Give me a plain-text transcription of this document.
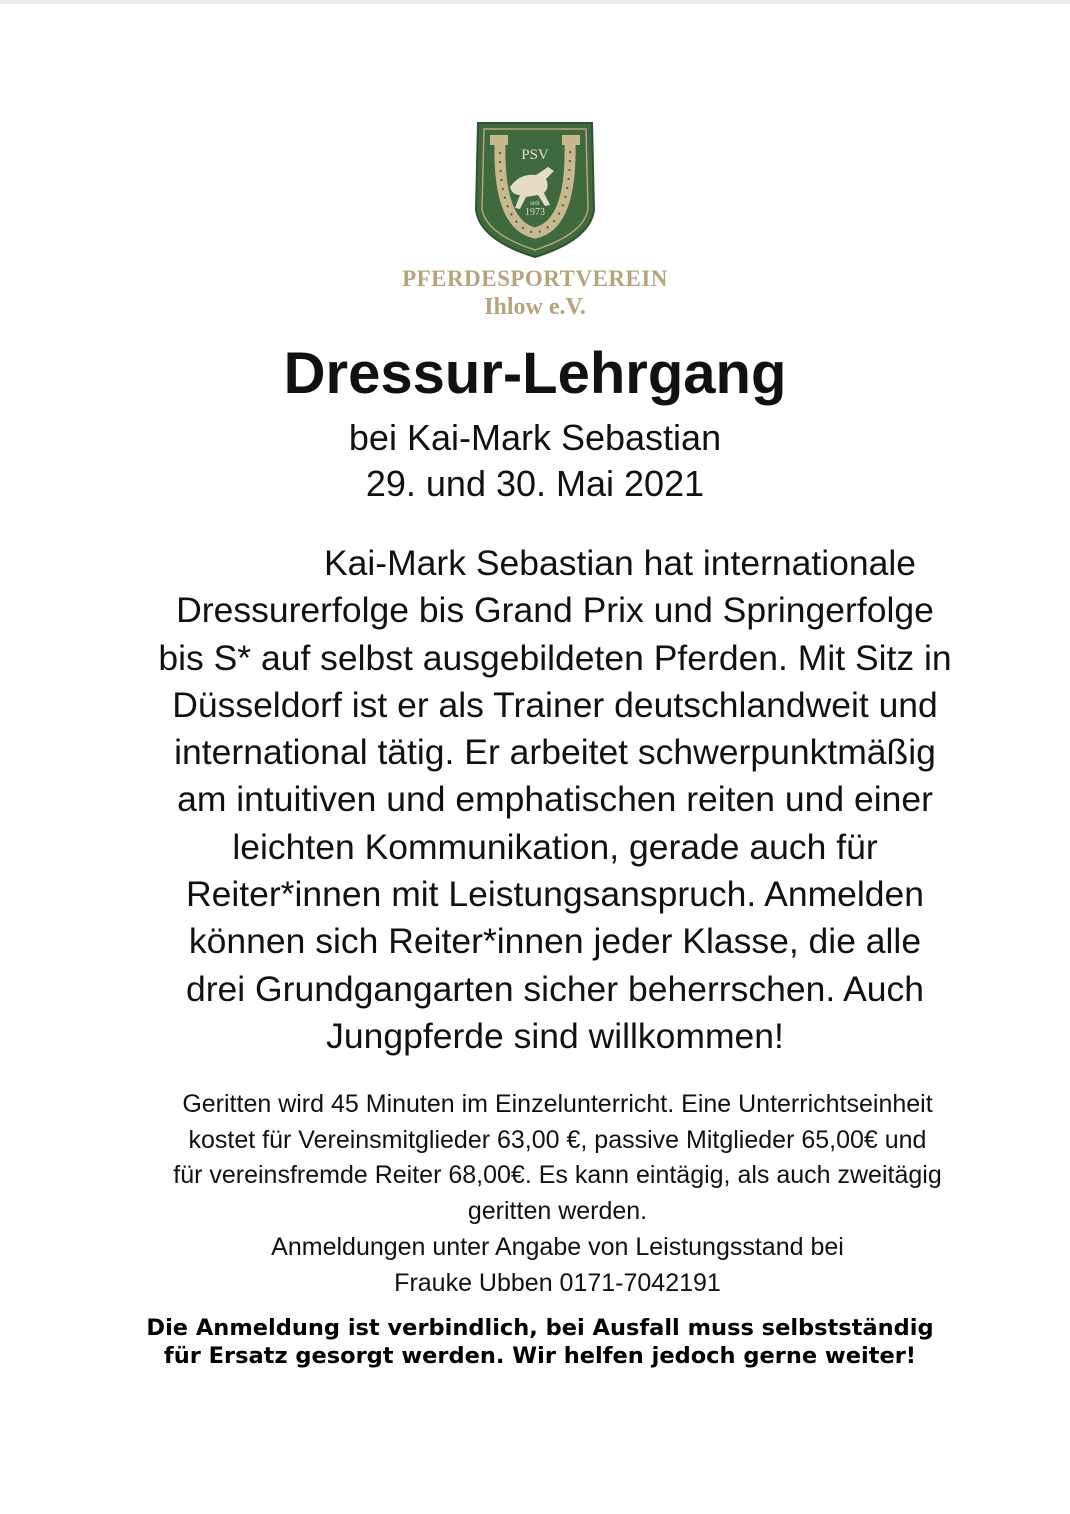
PSV
seit
1973
PFERDESPORTVEREIN
Ihlow e.V.
Dressur-Lehrgang
bei Kai-Mark Sebastian
29. und 30. Mai 2021
Kai-Mark Sebastian hat internationale
Dressurerfolge bis Grand Prix und Springerfolge
bis S* auf selbst ausgebildeten Pferden. Mit Sitz in
Düsseldorf ist er als Trainer deutschlandweit und
international tätig. Er arbeitet schwerpunktmäßig
am intuitiven und emphatischen reiten und einer
leichten Kommunikation, gerade auch für
Reiter*innen mit Leistungsanspruch. Anmelden
können sich Reiter*innen jeder Klasse, die alle
drei Grundgangarten sicher beherrschen. Auch
Jungpferde sind willkommen!
Geritten wird 45 Minuten im Einzelunterricht. Eine Unterrichtseinheit
kostet für Vereinsmitglieder 63,00 €, passive Mitglieder 65,00€ und
für vereinsfremde Reiter 68,00€. Es kann eintägig, als auch zweitägig
geritten werden.
Anmeldungen unter Angabe von Leistungsstand bei
Frauke Ubben 0171-7042191
Die Anmeldung ist verbindlich, bei Ausfall muss selbstständig
für Ersatz gesorgt werden. Wir helfen jedoch gerne weiter!
